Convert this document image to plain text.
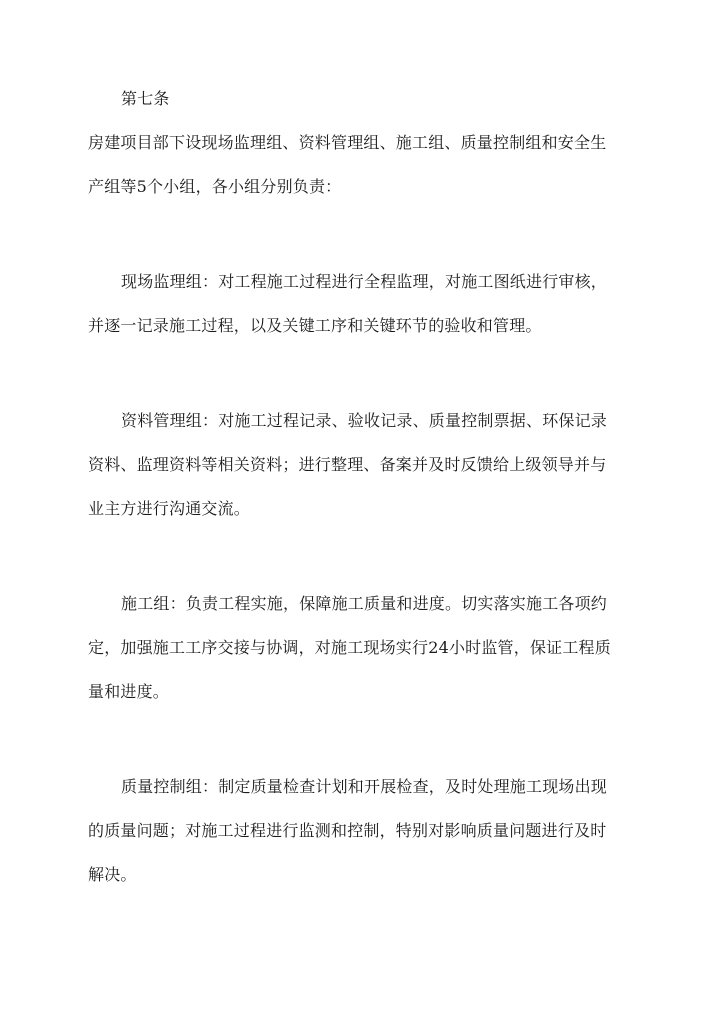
第七条
房建项目部下设现场监理组、资料管理组、施工组、质量控制组和安全生
产组等5个小组，各小组分别负责：
现场监理组：对工程施工过程进行全程监理，对施工图纸进行审核，
并逐一记录施工过程，以及关键工序和关键环节的验收和管理。
资料管理组：对施工过程记录、验收记录、质量控制票据、环保记录
资料、监理资料等相关资料；进行整理、备案并及时反馈给上级领导并与
业主方进行沟通交流。
施工组：负责工程实施，保障施工质量和进度。切实落实施工各项约
定，加强施工工序交接与协调，对施工现场实行24小时监管，保证工程质
量和进度。
质量控制组：制定质量检查计划和开展检查，及时处理施工现场出现
的质量问题；对施工过程进行监测和控制，特别对影响质量问题进行及时
解决。
